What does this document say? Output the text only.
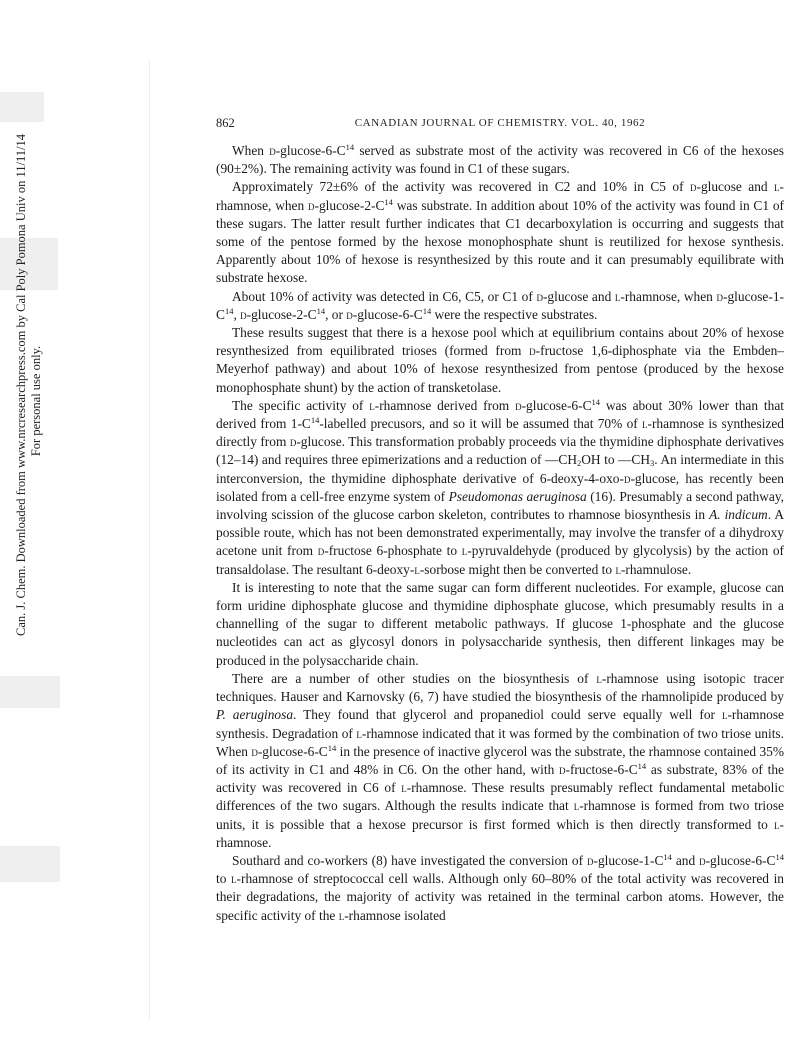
Can. J. Chem. Downloaded from www.nrcresearchpress.com by Cal Poly Pomona Univ on 11/11/14 For personal use only.
862	CANADIAN JOURNAL OF CHEMISTRY. VOL. 40, 1962

When $d-glucose-6-C^{14}$ served as substrate most of the activity was recovered in C6 of the hexoses (90±2%). The remaining activity was found in C1 of these sugars.

Approximately 72±6% of the activity was recovered in C2 and 10% in C5 of d-glucose and l-rhamnose, when $d-glucose-2-C^{14}$ was substrate. In addition about 10% of the activity was found in C1 of these sugars. The latter result further indicates that C1 decarboxylation is occurring and suggests that some of the pentose formed by the hexose monophosphate shunt is reutilized for hexose synthesis. Apparently about 10% of hexose is resynthesized by this route and it can presumably equilibrate with substrate hexose.

About 10% of activity was detected in C6, C5, or C1 of d-glucose and l-rhamnose, when $d-glucose-1-C^{14}$, $d-glucose-2-C^{14}$, or $d-glucose-6-C^{14}$ were the respective substrates.

These results suggest that there is a hexose pool which at equilibrium contains about 20% of hexose resynthesized from equilibrated trioses (formed from d-fructose 1,6-diphosphate via the Embden–Meyerhof pathway) and about 10% of hexose resynthesized from pentose (produced by the hexose monophosphate shunt) by the action of transketolase.

The specific activity of l-rhamnose derived from $d-glucose-6-C^{14}$ was about 30% lower than that derived from $1-C^{14}$-labelled precusors, and so it will be assumed that 70% of l-rhamnose is synthesized directly from d-glucose. This transformation probably proceeds via the thymidine diphosphate derivatives (12–14) and requires three epimerizations and a reduction of $—CH_2OH$ to $—CH_3$. An intermediate in this interconversion, the thymidine diphosphate derivative of 6-deoxy-4-oxo-d-glucose, has recently been isolated from a cell-free enzyme system of Pseudomonas aeruginosa (16). Presumably a second pathway, involving scission of the glucose carbon skeleton, contributes to rhamnose biosynthesis in A. indicum. A possible route, which has not been demonstrated experimentally, may involve the transfer of a dihydroxy acetone unit from d-fructose 6-phosphate to l-pyruvaldehyde (produced by glycolysis) by the action of transaldolase. The resultant 6-deoxy-l-sorbose might then be converted to l-rhamnulose.

It is interesting to note that the same sugar can form different nucleotides. For example, glucose can form uridine diphosphate glucose and thymidine diphosphate glucose, which presumably results in a channelling of the sugar to different metabolic pathways. If glucose 1-phosphate and the glucose nucleotides can act as glycosyl donors in polysaccharide synthesis, then different linkages may be produced in the polysaccharide chain.

There are a number of other studies on the biosynthesis of l-rhamnose using isotopic tracer techniques. Hauser and Karnovsky (6, 7) have studied the biosynthesis of the rhamnolipide produced by P. aeruginosa. They found that glycerol and propanediol could serve equally well for l-rhamnose synthesis. Degradation of l-rhamnose indicated that it was formed by the combination of two triose units. When $d-glucose-6-C^{14}$ in the presence of inactive glycerol was the substrate, the rhamnose contained 35% of its activity in C1 and 48% in C6. On the other hand, with $d-fructose-6-C^{14}$ as substrate, 83% of the activity was recovered in C6 of l-rhamnose. These results presumably reflect fundamental metabolic differences of the two sugars. Although the results indicate that l-rhamnose is formed from two triose units, it is possible that a hexose precursor is first formed which is then directly transformed to l-rhamnose.

Southard and co-workers (8) have investigated the conversion of $d-glucose-1-C^{14}$ and $d-glucose-6-C^{14}$ to l-rhamnose of streptococcal cell walls. Although only 60–80% of the total activity was recovered in their degradations, the majority of activity was retained in the terminal carbon atoms. However, the specific activity of the l-rhamnose isolated
